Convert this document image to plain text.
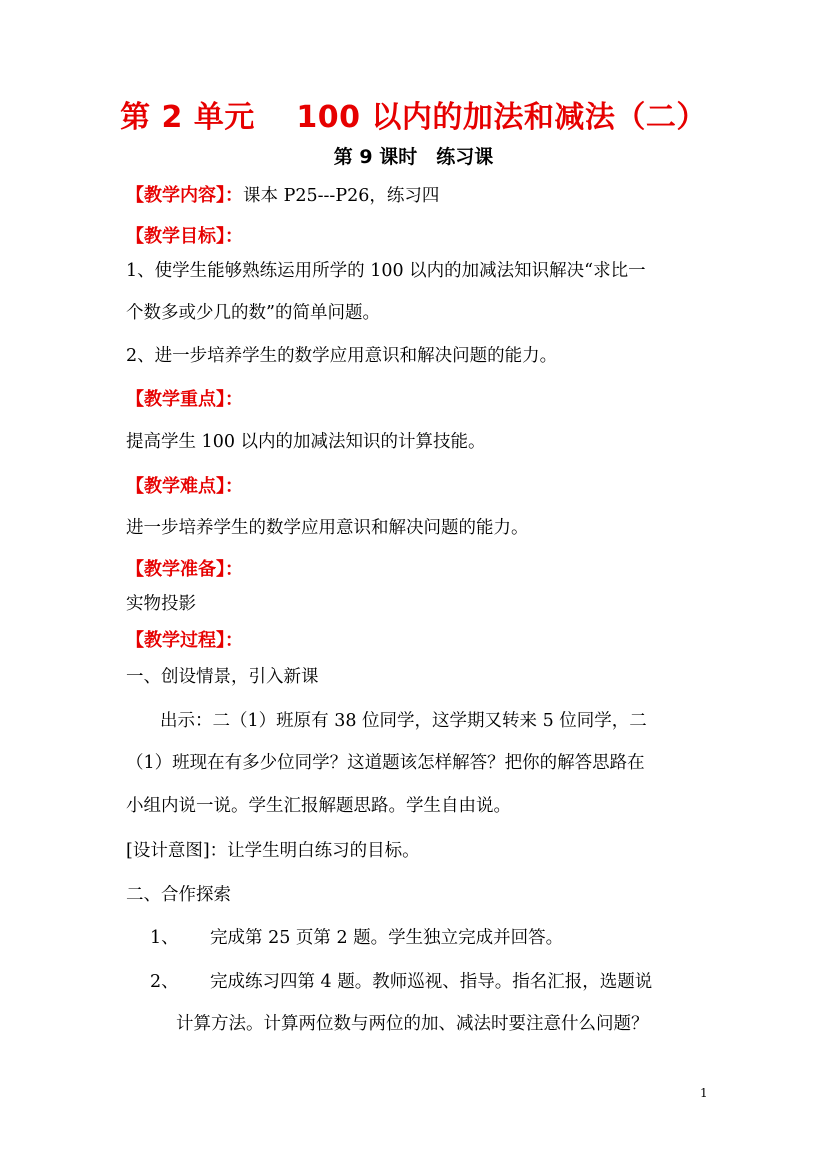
第 2 单元　 100 以内的加法和减法（二）
第 9 课时　练习课
【教学内容】：课本 P25---P26，练习四
【教学目标】：
1、使学生能够熟练运用所学的 100 以内的加减法知识解决“求比一
个数多或少几的数”的简单问题。
2、进一步培养学生的数学应用意识和解决问题的能力。
【教学重点】：
提高学生 100 以内的加减法知识的计算技能。
【教学难点】：
进一步培养学生的数学应用意识和解决问题的能力。
【教学准备】：
实物投影
【教学过程】：
一、创设情景，引入新课
出示：二（1）班原有 38 位同学，这学期又转来 5 位同学，二
（1）班现在有多少位同学？这道题该怎样解答？把你的解答思路在
小组内说一说。学生汇报解题思路。学生自由说。
[设计意图]：让学生明白练习的目标。
二、合作探索
1、 完成第 25 页第 2 题。学生独立完成并回答。
2、 完成练习四第 4 题。教师巡视、指导。指名汇报，选题说
计算方法。计算两位数与两位的加、减法时要注意什么问题？
1
